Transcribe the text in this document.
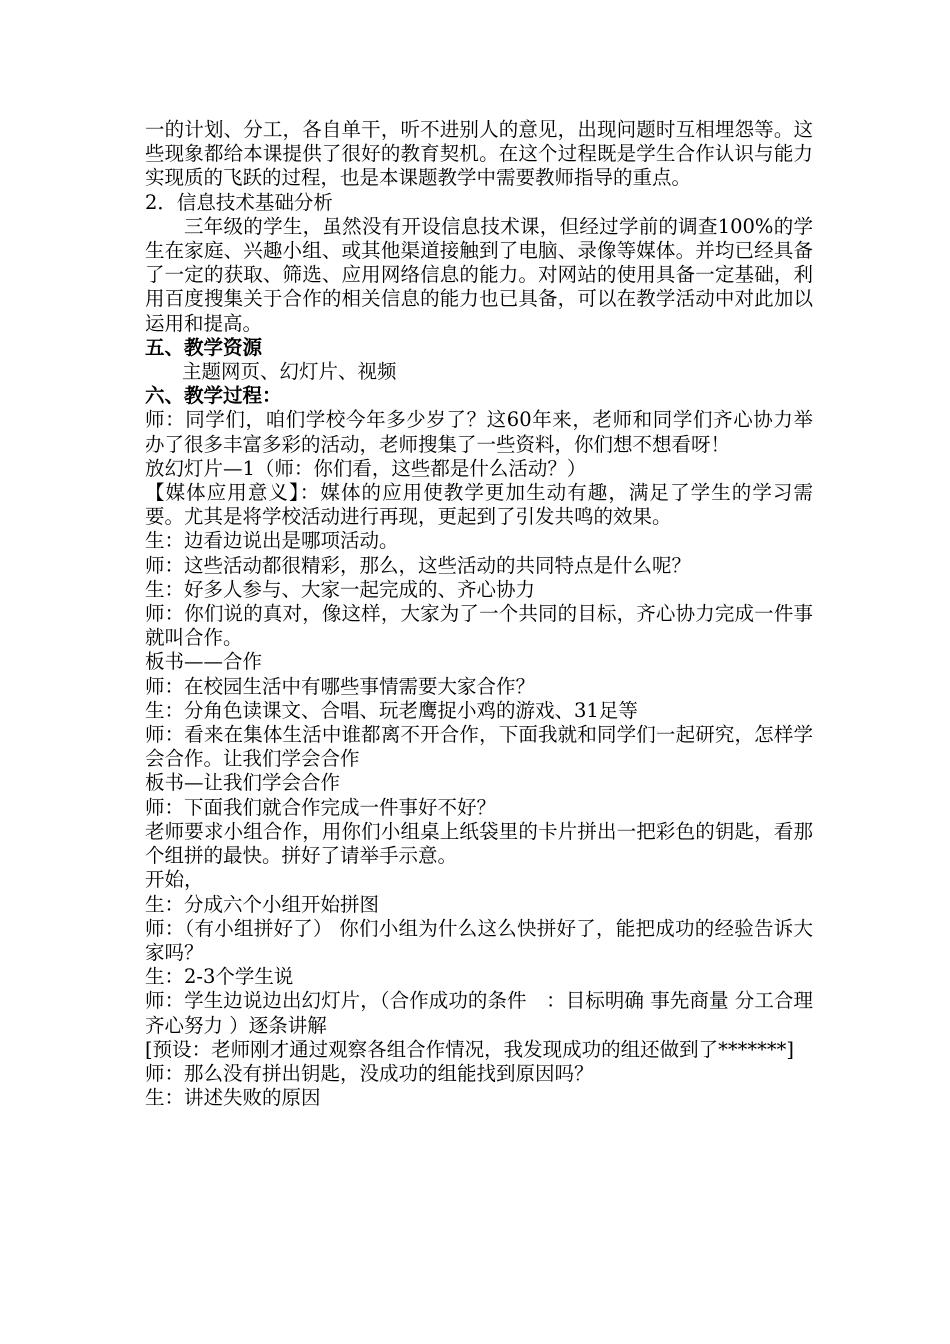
一的计划、分工，各自单干，听不进别人的意见，出现问题时互相埋怨等。这些现象都给本课提供了很好的教育契机。在这个过程既是学生合作认识与能力实现质的飞跃的过程，也是本课题教学中需要教师指导的重点。

2．信息技术基础分析

三年级的学生，虽然没有开设信息技术课，但经过学前的调查100%的学生在家庭、兴趣小组、或其他渠道接触到了电脑、录像等媒体。并均已经具备了一定的获取、筛选、应用网络信息的能力。对网站的使用具备一定基础，利用百度搜集关于合作的相关信息的能力也已具备，可以在教学活动中对此加以运用和提高。

五、教学资源

主题网页、幻灯片、视频

六、教学过程：

师：同学们，咱们学校今年多少岁了？这60年来，老师和同学们齐心协力举办了很多丰富多彩的活动，老师搜集了一些资料，你们想不想看呀！

放幻灯片—1（师：你们看，这些都是什么活动？）

【媒体应用意义】：媒体的应用使教学更加生动有趣，满足了学生的学习需要。尤其是将学校活动进行再现，更起到了引发共鸣的效果。

生：边看边说出是哪项活动。

师：这些活动都很精彩，那么，这些活动的共同特点是什么呢？

生：好多人参与、大家一起完成的、齐心协力

师：你们说的真对，像这样，大家为了一个共同的目标，齐心协力完成一件事就叫合作。

板书——合作

师：在校园生活中有哪些事情需要大家合作？

生：分角色读课文、合唱、玩老鹰捉小鸡的游戏、31足等

师：看来在集体生活中谁都离不开合作，下面我就和同学们一起研究，怎样学会合作。让我们学会合作

板书—让我们学会合作

师：下面我们就合作完成一件事好不好？

老师要求小组合作，用你们小组桌上纸袋里的卡片拼出一把彩色的钥匙，看那个组拼的最快。拼好了请举手示意。

开始，

生：分成六个小组开始拼图

师：（有小组拼好了） 你们小组为什么这么快拼好了，能把成功的经验告诉大家吗？

生：2-3个学生说

师：学生边说边出幻灯片，（合作成功的条件　：目标明确 事先商量 分工合理 齐心努力 ）逐条讲解

[预设：老师刚才通过观察各组合作情况，我发现成功的组还做到了*******]

师：那么没有拼出钥匙，没成功的组能找到原因吗？

生：讲述失败的原因
